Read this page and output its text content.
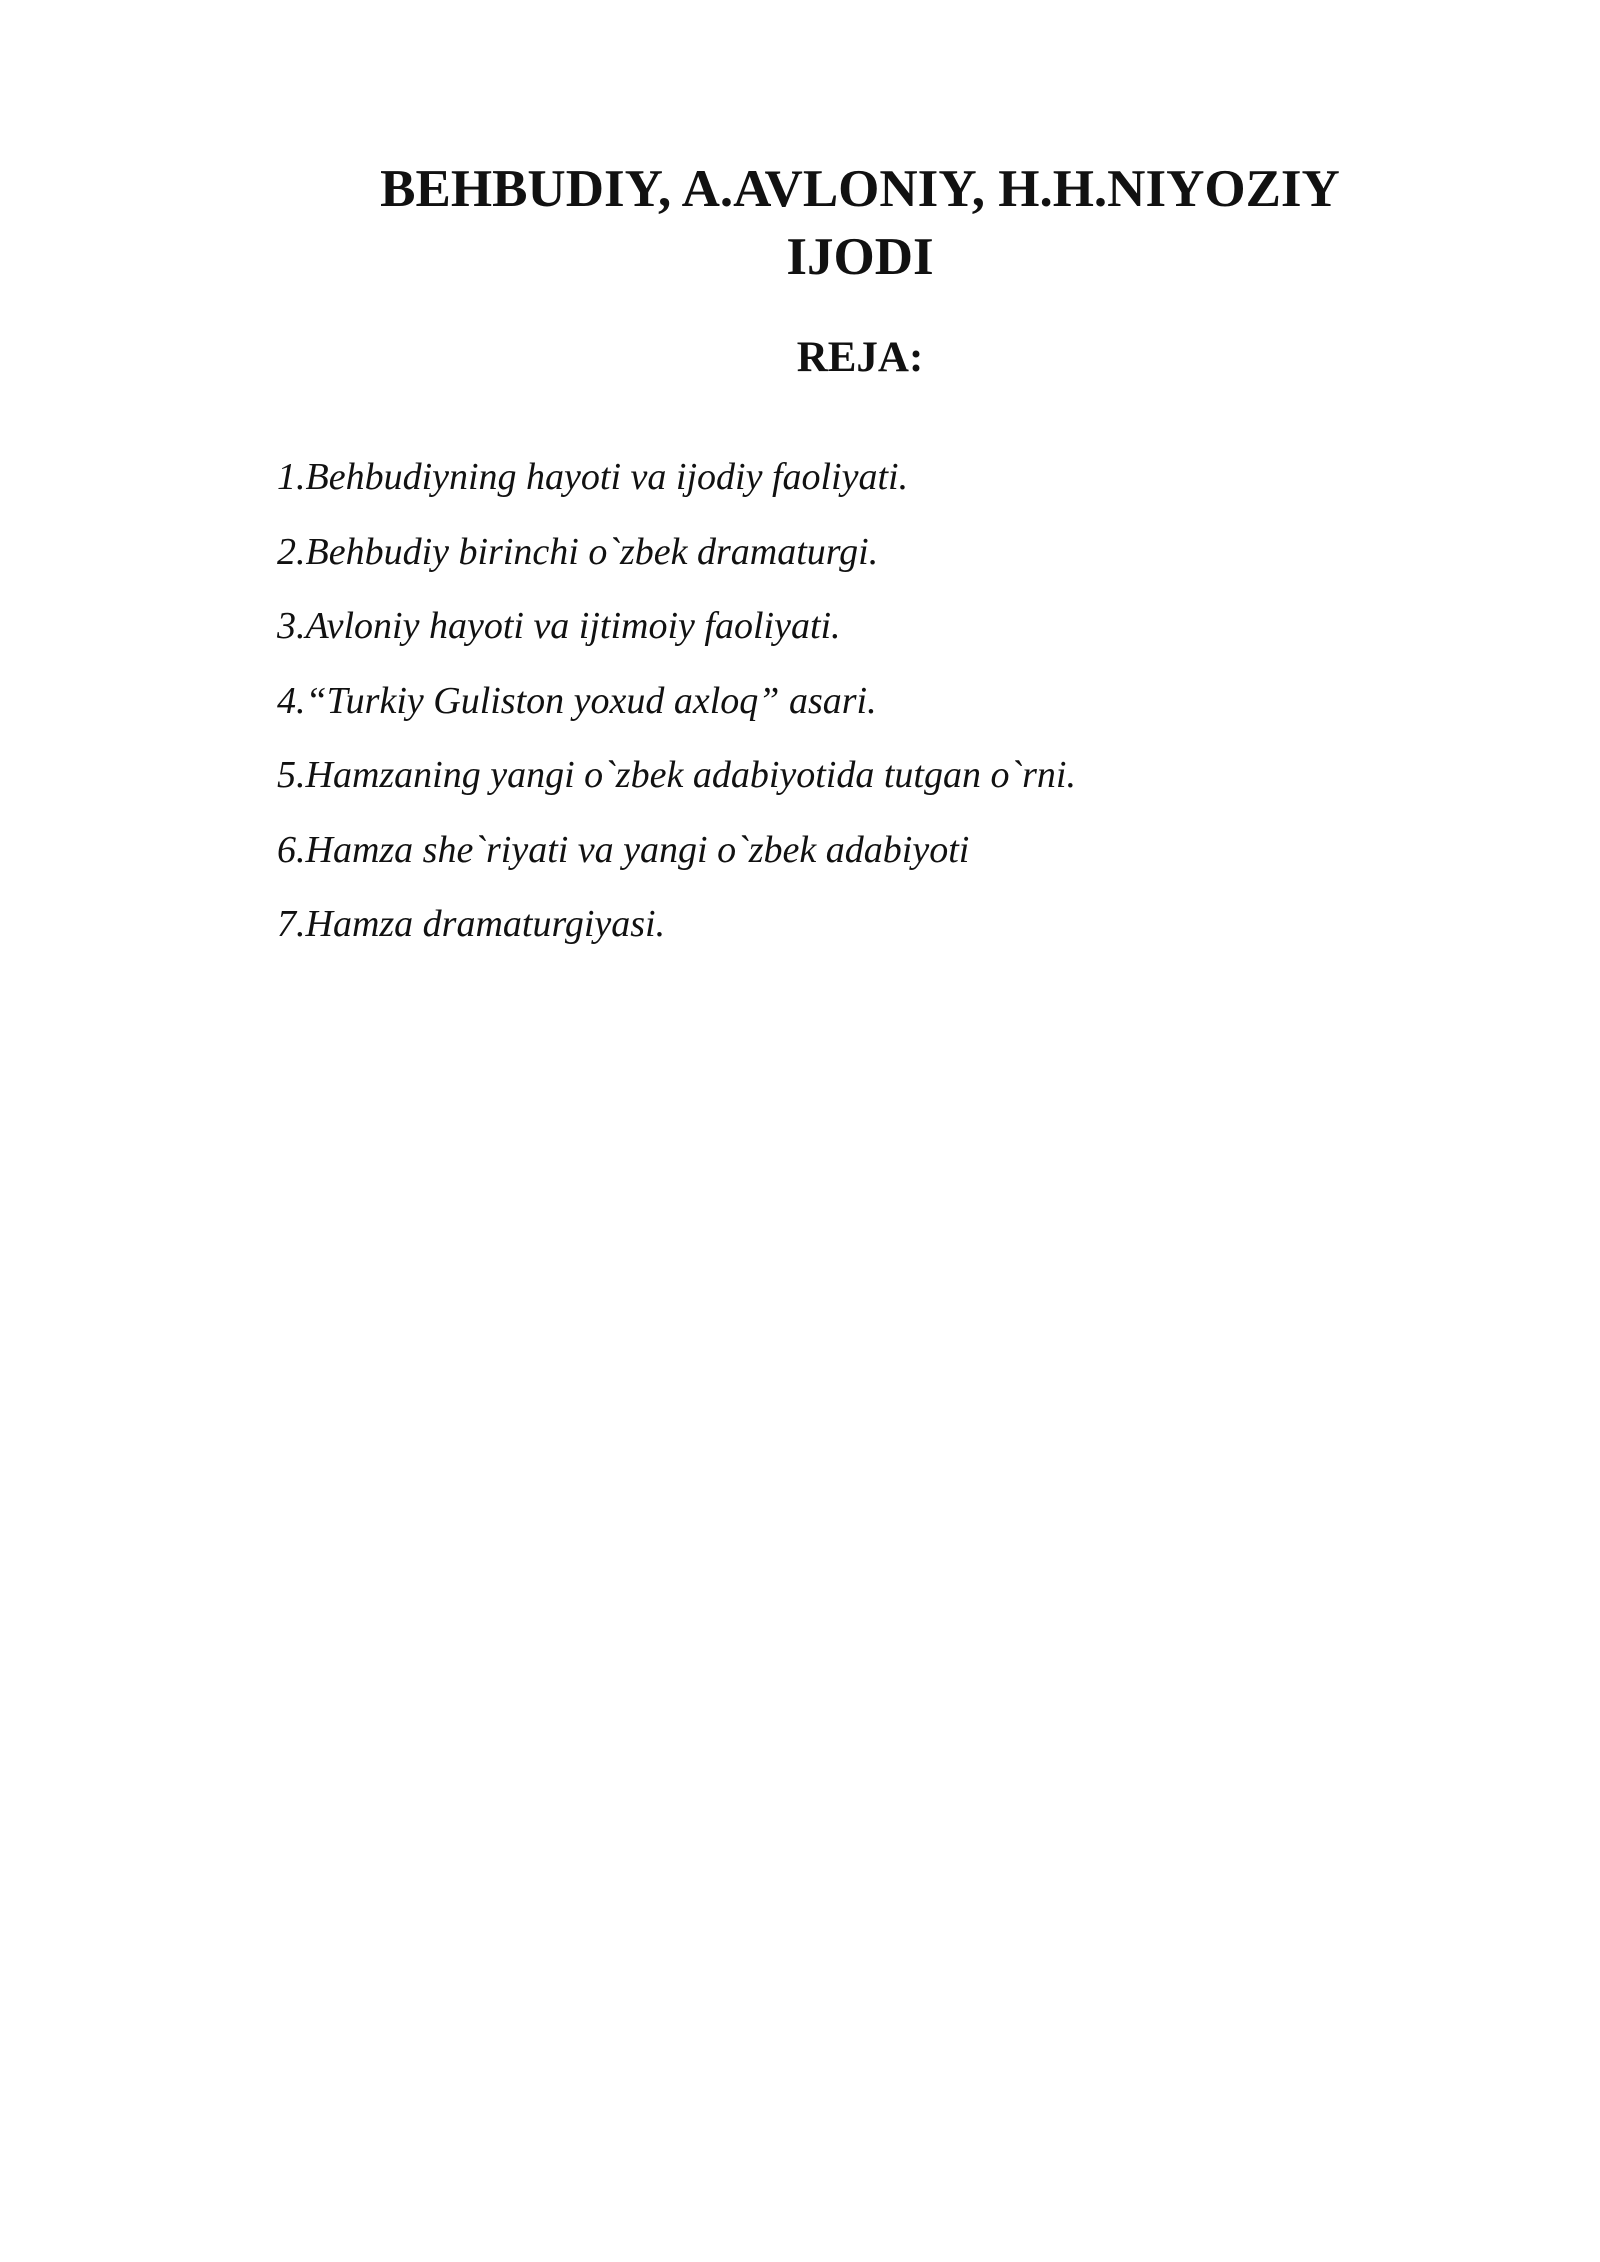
BEHBUDIY, A.AVLONIY, H.H.NIYOZIY
IJODI
REJA:
1.Behbudiyning hayoti va ijodiy faoliyati.
2.Behbudiy birinchi o`zbek dramaturgi.
3.Avloniy hayoti va ijtimoiy faoliyati.
4.“Turkiy Guliston yoxud axloq” asari.
5.Hamzaning yangi o`zbek adabiyotida tutgan o`rni.
6.Hamza she`riyati va yangi o`zbek adabiyoti
7.Hamza dramaturgiyasi.
